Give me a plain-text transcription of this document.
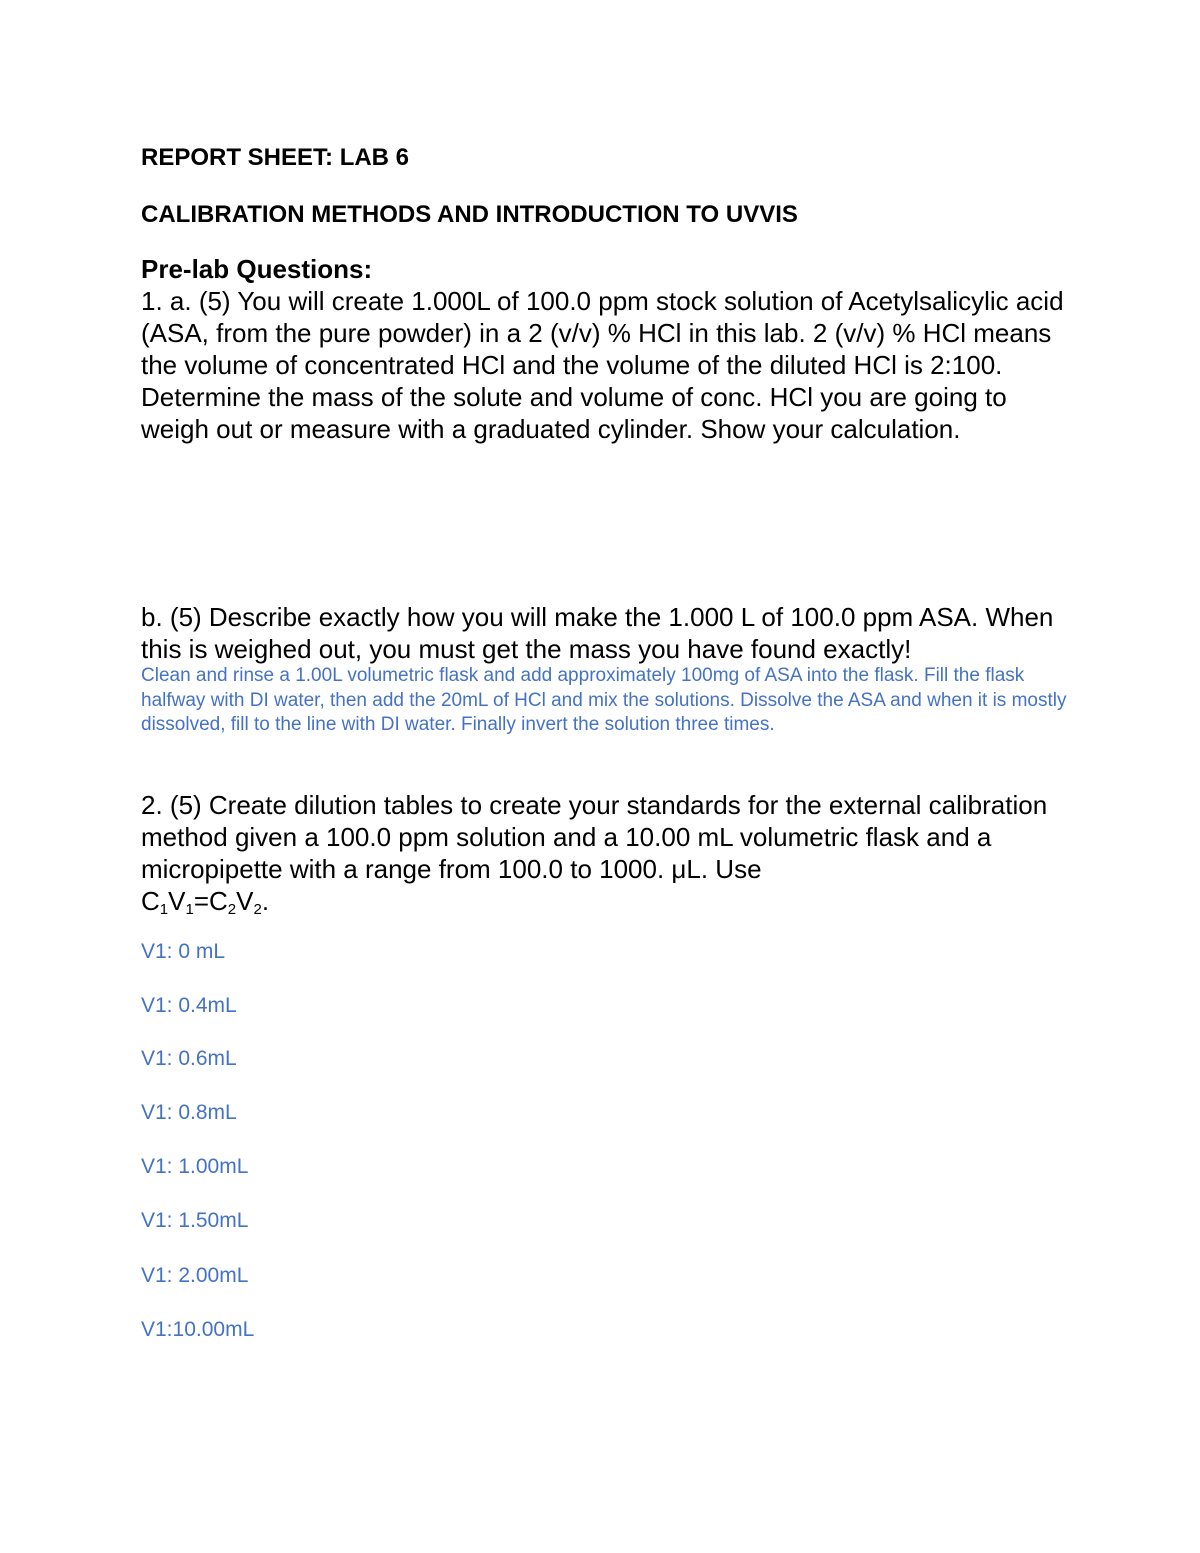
REPORT SHEET: LAB 6
CALIBRATION METHODS AND INTRODUCTION TO UVVIS

Pre-lab Questions:

1. a. (5) You will create 1.000L of 100.0 ppm stock solution of Acetylsalicylic acid (ASA, from the pure powder) in a 2 (v/v) % HCl in this lab. 2 (v/v) % HCl means the volume of concentrated HCl and the volume of the diluted HCl is 2:100. Determine the mass of the solute and volume of conc. HCl you are going to weigh out or measure with a graduated cylinder. Show your calculation.

b. (5) Describe exactly how you will make the 1.000 L of 100.0 ppm ASA. When this is weighed out, you must get the mass you have found exactly!
Clean and rinse a 1.00L volumetric flask and add approximately 100mg of ASA into the flask. Fill the flask halfway with DI water, then add the 20mL of HCl and mix the solutions. Dissolve the ASA and when it is mostly dissolved, fill to the line with DI water. Finally invert the solution three times.

2. (5) Create dilution tables to create your standards for the external calibration method given a 100.0 ppm solution and a 10.00 mL volumetric flask and a micropipette with a range from 100.0 to 1000. μL. Use

$C_1V_1=C_2V_2$.

V1: 0 mL
V1: 0.4mL
V1: 0.6mL
V1: 0.8mL
V1: 1.00mL
V1: 1.50mL
V1: 2.00mL
V1:10.00mL
